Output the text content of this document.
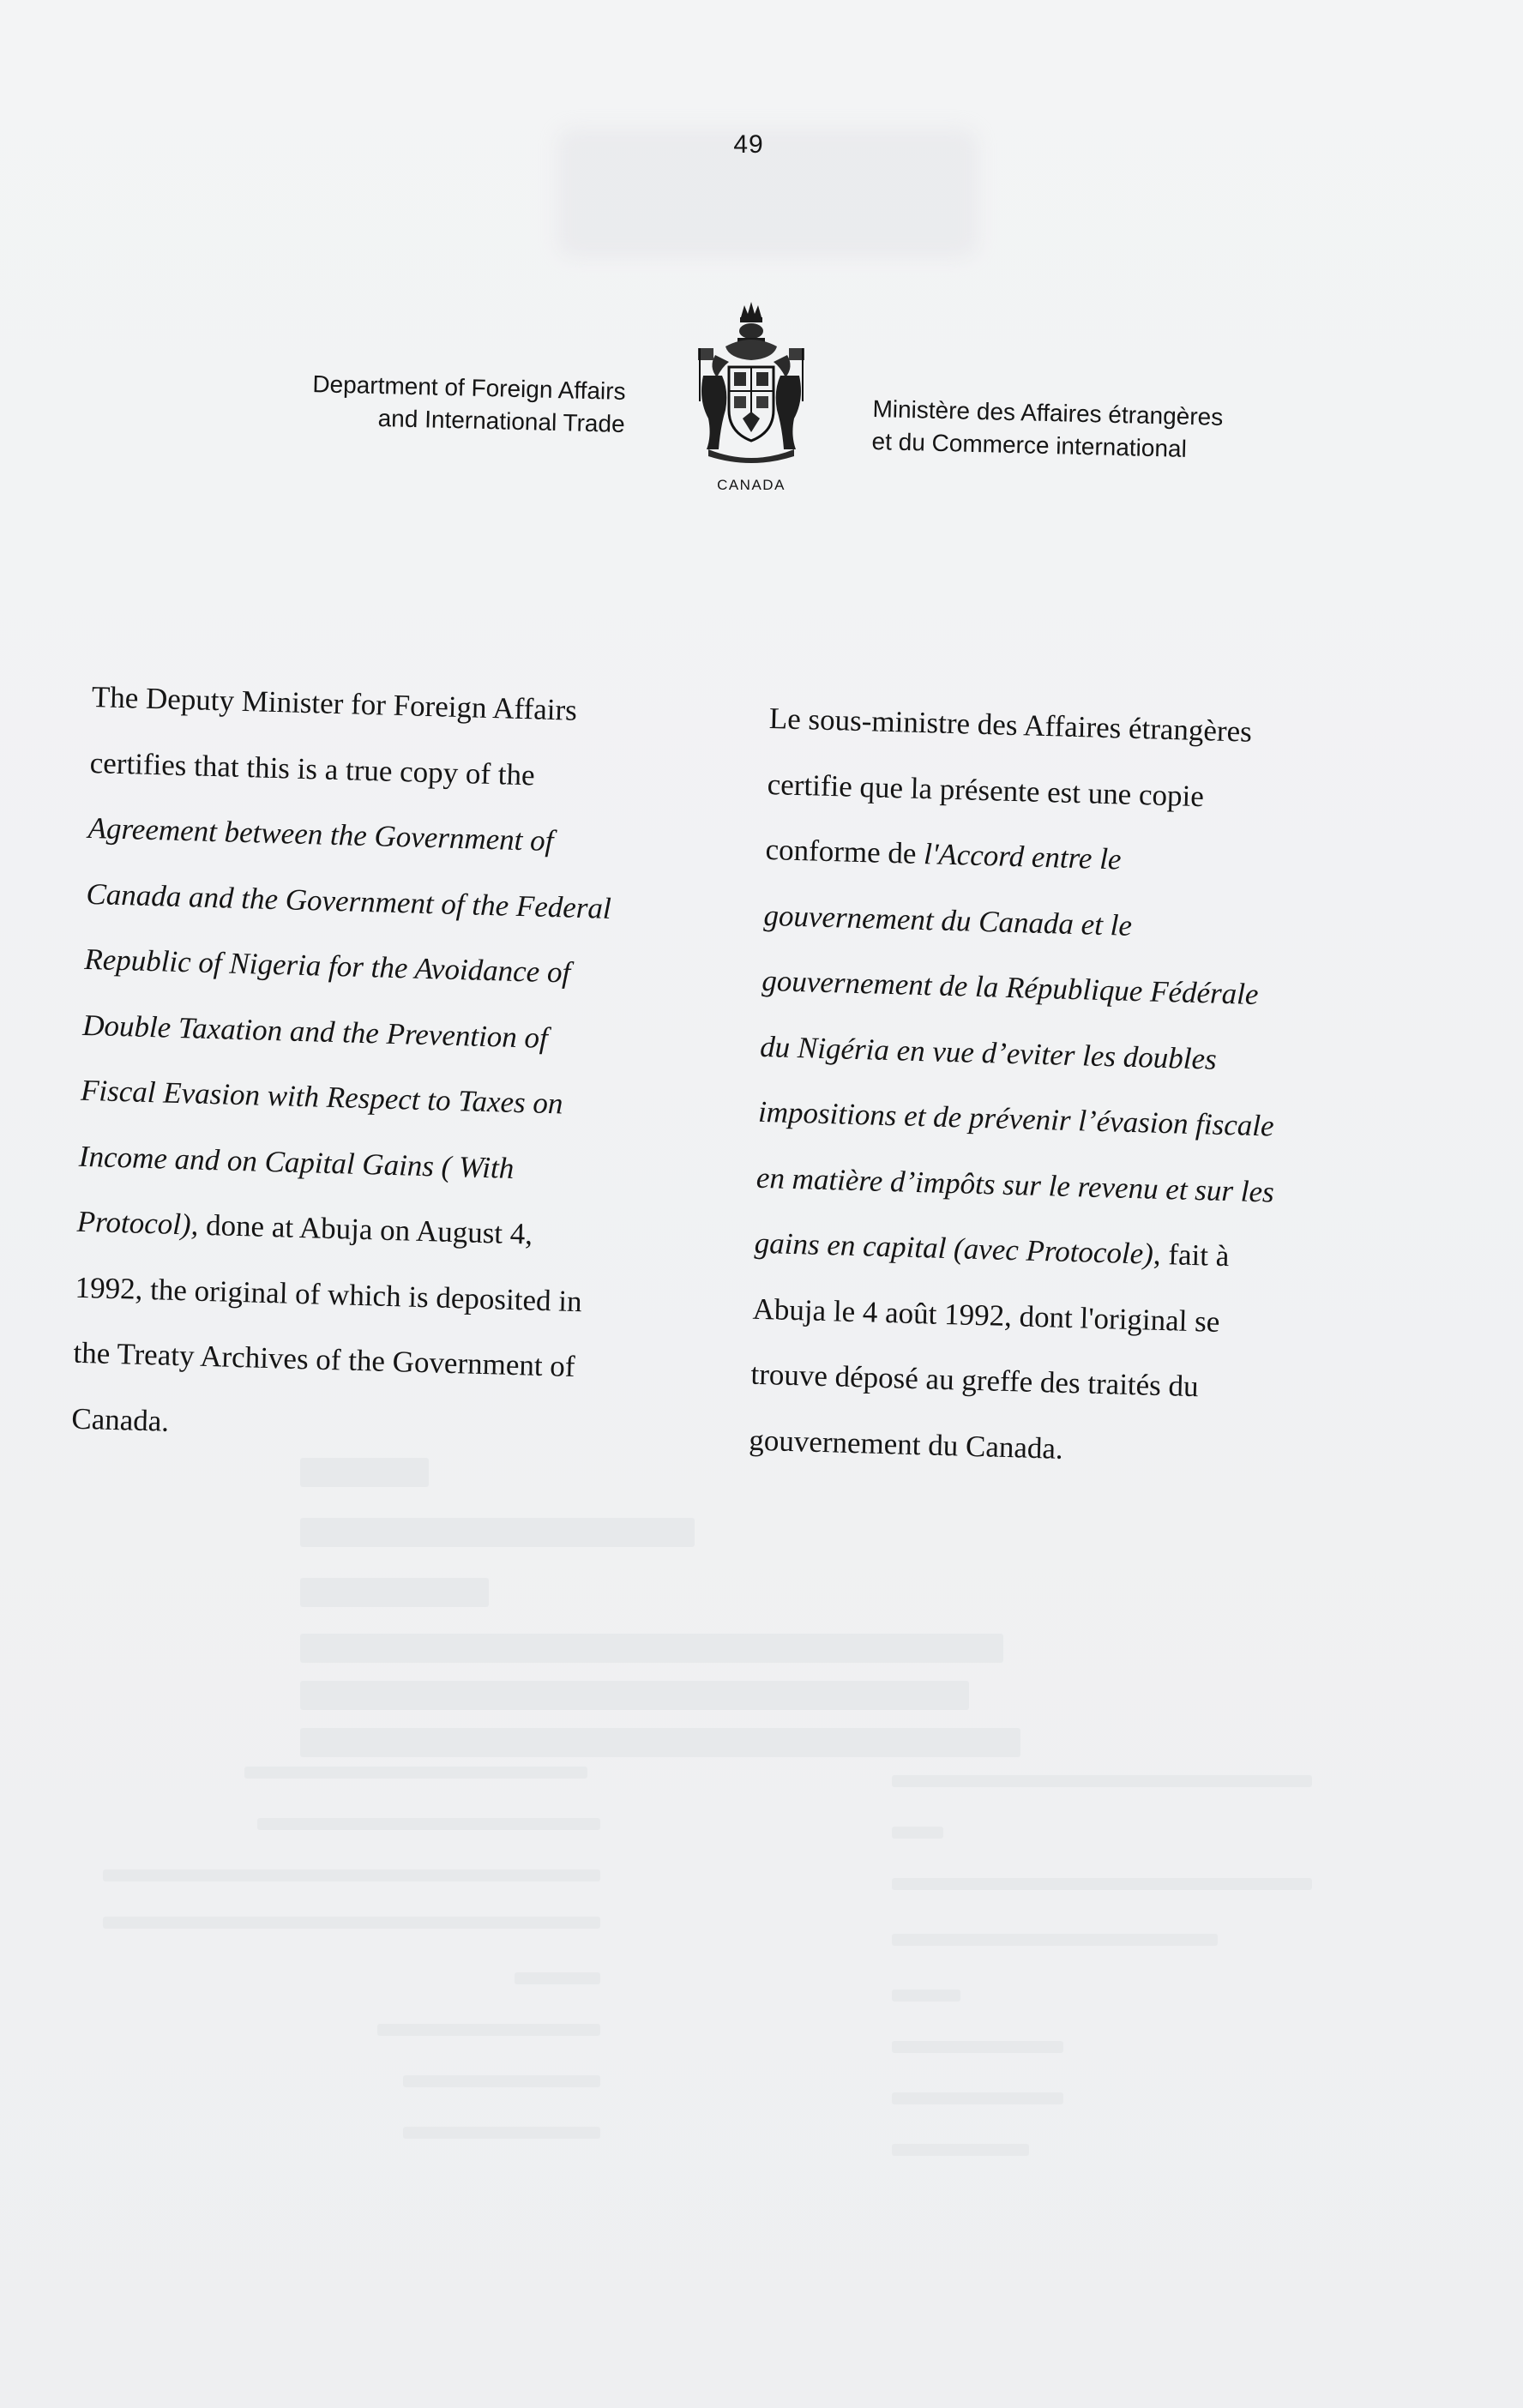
49
Department of Foreign Affairs
and International Trade
CANADA
Ministère des Affaires étrangères
et du Commerce international

The Deputy Minister for Foreign Affairs

certifies that this is a true copy of the

Agreement between the Government of

Canada and the Government of the Federal

Republic of Nigeria for the Avoidance of

Double Taxation and the Prevention of

Fiscal Evasion with Respect to Taxes on

Income and on Capital Gains ( With

Protocol), done at Abuja on August 4,

1992, the original of which is deposited in

the Treaty Archives of the Government of

Canada.

Le sous-ministre des Affaires étrangères

certifie que la présente est une copie

conforme de l'Accord entre le

gouvernement du Canada et le

gouvernement de la République Fédérale

du Nigéria en vue d’eviter les doubles

impositions et de prévenir l’évasion fiscale

en matière d’impôts sur le revenu et sur les

gains en capital (avec Protocole), fait à

Abuja le 4 août 1992, dont l'original se

trouve déposé au greffe des traités du

gouvernement du Canada.
